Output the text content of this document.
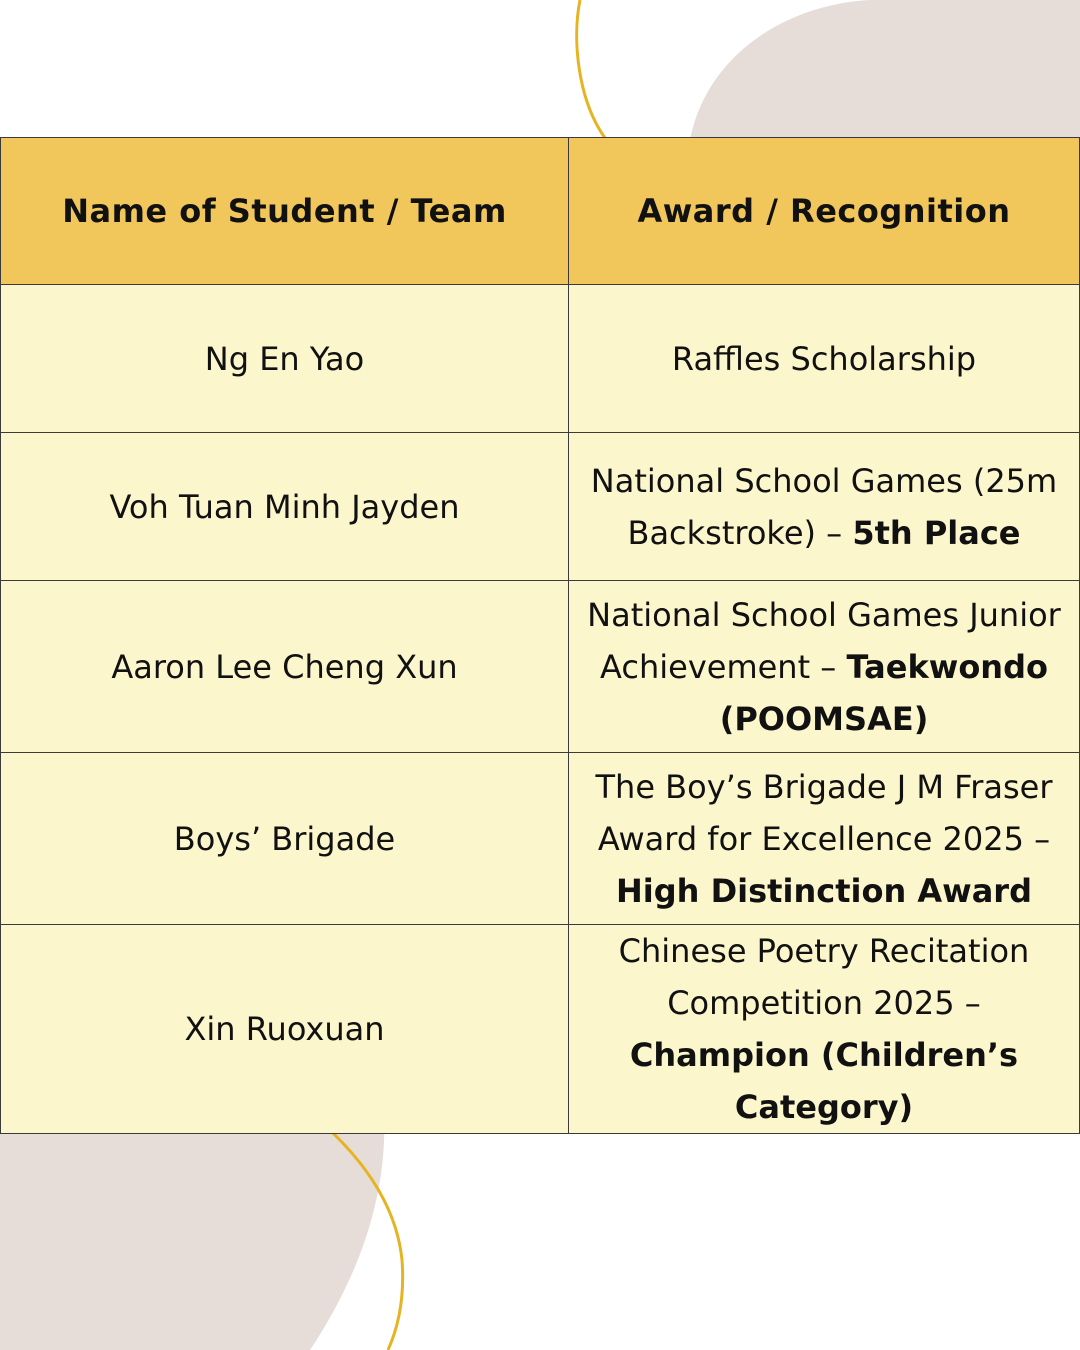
Name of Student / Team	Award / Recognition
Ng En Yao	Raffles Scholarship
Voh Tuan Minh Jayden	National School Games (25m Backstroke) – 5th Place
Aaron Lee Cheng Xun	National School Games Junior Achievement – Taekwondo (POOMSAE)
Boys’ Brigade	The Boy’s Brigade J M Fraser Award for Excellence 2025 – High Distinction Award
Xin Ruoxuan	Chinese Poetry Recitation Competition 2025 – Champion (Children’s Category)
